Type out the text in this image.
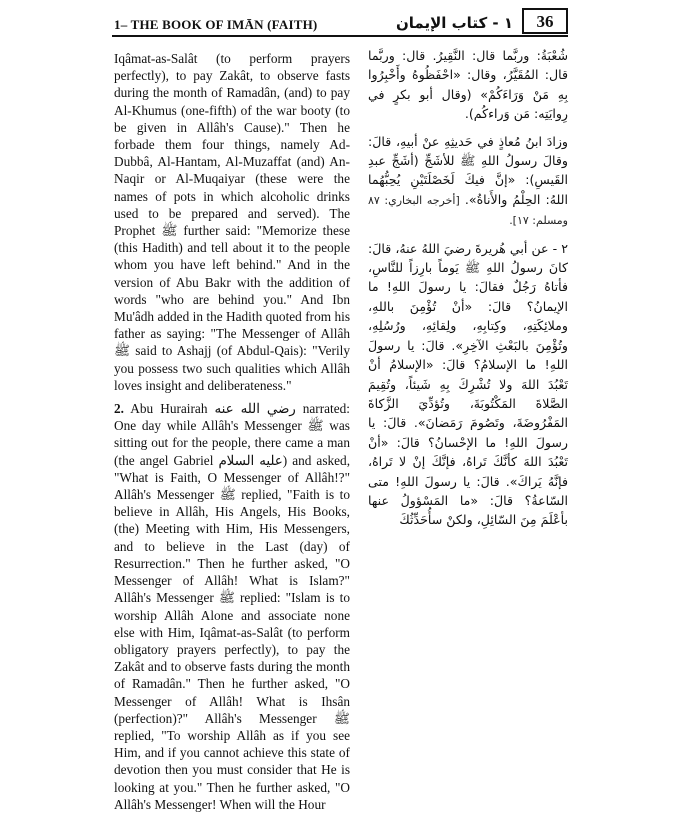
1– THE BOOK OF IMĀN (FAITH)	١ - كتاب الإيمان	36

Iqâmat-as-Salât (to perform prayers perfectly), to pay Zakât, to observe fasts during the month of Ramadân, (and) to pay Al-Khumus (one-fifth) of the war booty (to be given in Allâh's Cause)." Then he forbade them four things, namely Ad-Dubbâ, Al-Hantam, Al-Muzaffat (and) An-Naqir or Al-Muqaiyar (these were the names of pots in which alcoholic drinks used to be prepared and served). The Prophet ﷺ further said: "Memorize these (this Hadith) and tell about it to the people whom you have left behind." And in the version of Abu Bakr with the addition of words "who are behind you." And Ibn Mu'âdh added in the Hadith quoted from his father as saying: "The Messenger of Allâh ﷺ said to Ashajj (of Abdul-Qais): "Verily you possess two such qualities which Allâh loves insight and deliberateness."

2. Abu Hurairah رضي الله عنه narrated: One day while Allâh's Messenger ﷺ was sitting out for the people, there came a man (the angel Gabriel عليه السلام) and asked, "What is Faith, O Messenger of Allâh!?" Allâh's Messenger ﷺ replied, "Faith is to believe in Allâh, His Angels, His Books, (the) Meeting with Him, His Messengers, and to believe in the Last (day) of Resurrection." Then he further asked, "O Messenger of Allâh! What is Islam?" Allâh's Messenger ﷺ replied: "Islam is to worship Allâh Alone and associate none else with Him, Iqâmat-as-Salât (to perform obligatory prayers perfectly), to pay the Zakât and to observe fasts during the month of Ramadân." Then he further asked, "O Messenger of Allâh! What is Ihsân (perfection)?" Allâh's Messenger ﷺ replied, "To worship Allâh as if you see Him, and if you cannot achieve this state of devotion then you must consider that He is looking at you." Then he further asked, "O Allâh's Messenger! When will the Hour

شُعْبَةُ: وربَّما قال: النَّقِيرُ. قال: وربَّما قال: المُقَيَّرُ، وقال: «احْفَظُوهُ وأَخْبِرُوا بِهِ مَنْ وَرَاءَكُمْ» (وقال أبو بكرٍ في رِوايَتِه: مَن وَراءكُم).

وزادَ ابنُ مُعاذٍ في حَديثِهِ عنْ أبيهِ، قالَ: وقالَ رسولُ اللهِ ﷺ للأشَجِّ (أشَجِّ عبدِ القَيسِ): «إنَّ فيكَ لَخَصْلَتَيْنِ يُحِبُّهُما اللهُ: الحِلْمُ والأَناةُ». [أخرجه البخاري: ٨٧ ومسلم: ١٧].

٢ - عن أبي هُريرةَ رضيَ اللهُ عنهُ، قالَ: كانَ رسولُ اللهِ ﷺ يَوماً بارِزاً للنَّاسِ، فأتاهُ رَجُلٌ فقالَ: يا رسولَ اللهِ! ما الإيمانُ؟ قالَ: «أنْ تُؤْمِنَ باللهِ، وملائِكَتِهِ، وكِتابِهِ، ولِقائِهِ، ورُسُلِهِ، وتُؤْمِنَ بالبَعْثِ الآخِرِ». قالَ: يا رسولَ اللهِ! ما الإسلامُ؟ قالَ: «الإسلامُ أنْ تَعْبُدَ اللهَ ولا تُشْرِكَ بِهِ شَيئاً، وتُقِيمَ الصَّلاةَ المَكْتُوبَةَ، وتُؤدِّيَ الزَّكاةَ المَفْرُوضَةَ، وتَصُومَ رَمَضانَ». قالَ: يا رسولَ اللهِ! ما الإحْسانُ؟ قالَ: «أنْ تَعْبُدَ اللهَ كأنَّكَ تَراهُ، فإنَّكَ إنْ لا تَراهُ، فإنَّهُ يَراكَ». قالَ: يا رسولَ اللهِ! متى السّاعةُ؟ قالَ: «ما المَسْؤولُ عنها بأعْلَمَ مِنَ السّائِلِ، ولكنْ سأُحَدِّثُكَ
